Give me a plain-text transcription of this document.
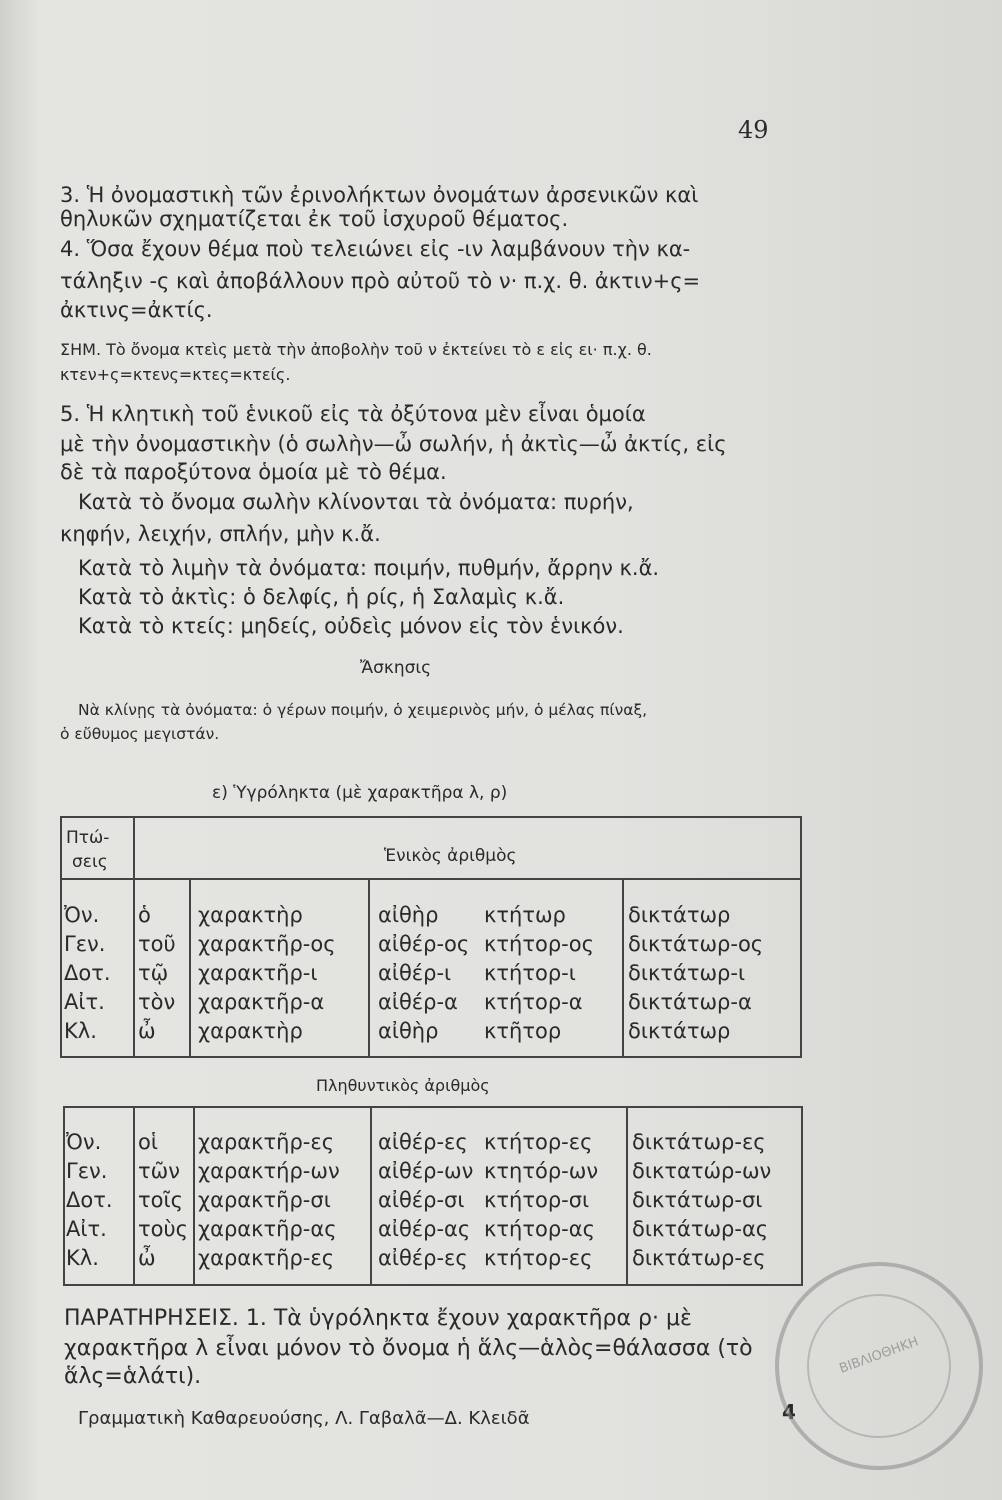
49
3. Ἡ ὀνομαστικὴ τῶν ἐρινολήκτων ὀνομάτων ἀρσενικῶν καὶ
θηλυκῶν σχηματίζεται ἐκ τοῦ ἰσχυροῦ θέματος.
4. Ὅσα ἔχουν θέμα ποὺ τελειώνει εἰς -ιν λαμβάνουν τὴν κα-
τάληξιν -ς καὶ ἀποβάλλουν πρὸ αὐτοῦ τὸ ν· π.χ. θ. ἀκτιν+ς=
ἀκτινς=ἀκτίς.
ΣΗΜ. Τὸ ὄνομα κτεὶς μετὰ τὴν ἀποβολὴν τοῦ ν ἐκτείνει τὸ ε εἰς ει· π.χ. θ.
κτεν+ς=κτενς=κτες=κτείς.
5. Ἡ κλητικὴ τοῦ ἑνικοῦ εἰς τὰ ὀξύτονα μὲν εἶναι ὁμοία
μὲ τὴν ὀνομαστικὴν (ὁ σωλὴν—ὦ σωλήν, ἡ ἀκτὶς—ὦ ἀκτίς, εἰς
δὲ τὰ παροξύτονα ὁμοία μὲ τὸ θέμα.
Κατὰ τὸ ὄνομα σωλὴν κλίνονται τὰ ὀνόματα: πυρήν,
κηφήν, λειχήν, σπλήν, μὴν κ.ἄ.
Κατὰ τὸ λιμὴν τὰ ὀνόματα: ποιμήν, πυθμήν, ἄρρην κ.ἄ.
Κατὰ τὸ ἀκτὶς: ὁ δελφίς, ἡ ρίς, ἡ Σαλαμὶς κ.ἄ.
Κατὰ τὸ κτείς: μηδείς, οὐδεὶς μόνον εἰς τὸν ἑνικόν.
Ἄσκησις
Νὰ κλίνῃς τὰ ὀνόματα: ὁ γέρων ποιμήν, ὁ χειμερινὸς μήν, ὁ μέλας πίναξ,
ὁ εὔθυμος μεγιστάν.
ε) Ὑγρόληκτα (μὲ χαρακτῆρα λ, ρ)
Πτώ-
σεις	Ἑνικὸς ἀριθμὸς
Ὀν. ὁ χαρακτὴρ	αἰθὴρ κτήτωρ	δικτάτωρ
Γεν. τοῦ χαρακτῆρ-ος αἰθέρ-ος κτήτορ-ος δικτάτωρ-ος
Δοτ. τῷ χαρακτῆρ-ι	αἰθέρ-ι κτήτορ-ι δικτάτωρ-ι
Αἰτ. τὸν χαρακτῆρ-α	αἰθέρ-α κτήτορ-α δικτάτωρ-α
Κλ. ὦ χαρακτὴρ	αἰθὴρ κτῆτορ	δικτάτωρ
Πληθυντικὸς ἀριθμὸς
Ὀν. οἱ χαρακτῆρ-ες αἰθέρ-ες κτήτορ-ες δικτάτωρ-ες
Γεν. τῶν χαρακτήρ-ων αἰθέρ-ων κτητόρ-ων δικτατώρ-ων
Δοτ. τοῖς χαρακτῆρ-σι αἰθέρ-σι κτήτορ-σι δικτάτωρ-σι
Αἰτ. τοὺς χαρακτῆρ-ας αἰθέρ-ας κτήτορ-ας δικτάτωρ-ας
Κλ. ὦ χαρακτῆρ-ες αἰθέρ-ες κτήτορ-ες δικτάτωρ-ες
ΠΑΡΑΤΗΡΗΣΕΙΣ. 1. Τὰ ὑγρόληκτα ἔχουν χαρακτῆρα ρ· μὲ
χαρακτῆρα λ εἶναι μόνον τὸ ὄνομα ἡ ἅλς—ἁλὸς=θάλασσα (τὸ
ἅλς=ἁλάτι).
Γραμματικὴ Καθαρευούσης, Λ. Γαβαλᾶ—Δ. Κλειδᾶ	4
ΒΙΒΛΙΟΘΗΚΗ
